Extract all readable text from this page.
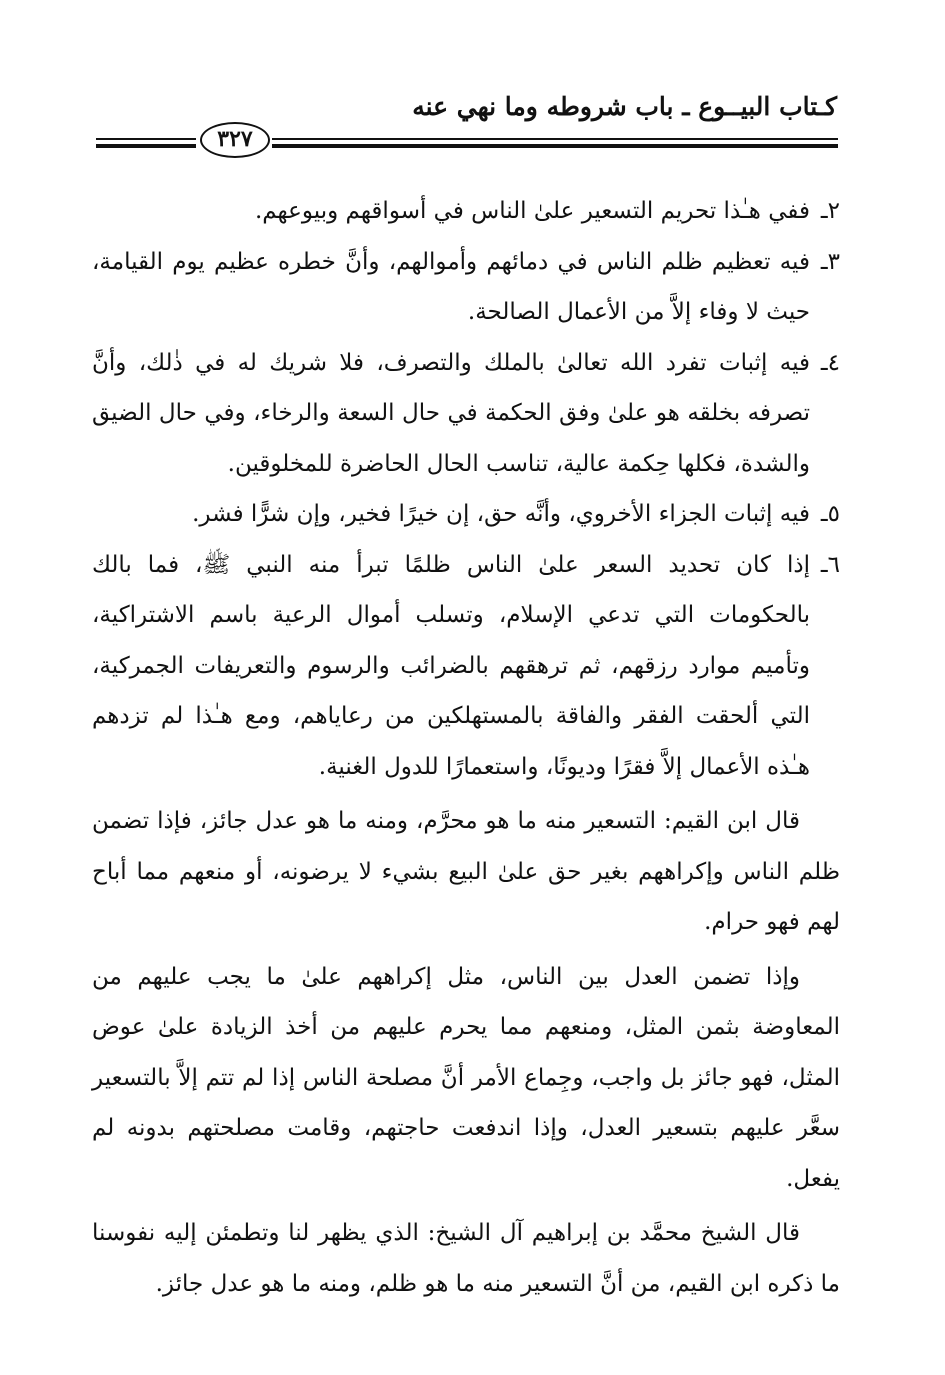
كـتاب البيــوع ـ باب شروطه وما نهي عنه
٣٢٧

٢ـ
ففي هـٰذا تحريم التسعير علىٰ الناس في أسواقهم وبيوعهم.

٣ـ
فيه تعظيم ظلم الناس في دمائهم وأموالهم، وأنَّ خطره عظيم يوم القيامة، حيث لا وفاء إلاَّ من الأعمال الصالحة.

٤ـ
فيه إثبات تفرد الله تعالىٰ بالملك والتصرف، فلا شريك له في ذٰلك، وأنَّ تصرفه بخلقه هو علىٰ وفق الحكمة في حال السعة والرخاء، وفي حال الضيق والشدة، فكلها حِكمة عالية، تناسب الحال الحاضرة للمخلوقين.

٥ـ
فيه إثبات الجزاء الأخروي، وأنَّه حق، إن خيرًا فخير، وإن شرًّا فشر.

٦ـ
إذا كان تحديد السعر علىٰ الناس ظلمًا تبرأ منه النبي ﷺ، فما بالك بالحكومات التي تدعي الإسلام، وتسلب أموال الرعية باسم الاشتراكية، وتأميم موارد رزقهم، ثم ترهقهم بالضرائب والرسوم والتعريفات الجمركية، التي ألحقت الفقر والفاقة بالمستهلكين من رعاياهم، ومع هـٰذا لم تزدهم هـٰذه الأعمال إلاَّ فقرًا وديونًا، واستعمارًا للدول الغنية.

قال ابن القيم: التسعير منه ما هو محرَّم، ومنه ما هو عدل جائز، فإذا تضمن ظلم الناس وإكراههم بغير حق علىٰ البيع بشيء لا يرضونه، أو منعهم مما أباح لهم فهو حرام.

وإذا تضمن العدل بين الناس، مثل إكراههم علىٰ ما يجب عليهم من المعاوضة بثمن المثل، ومنعهم مما يحرم عليهم من أخذ الزيادة علىٰ عوض المثل، فهو جائز بل واجب، وجِماع الأمر أنَّ مصلحة الناس إذا لم تتم إلاَّ بالتسعير سعَّر عليهم بتسعير العدل، وإذا اندفعت حاجتهم، وقامت مصلحتهم بدونه لم يفعل.

قال الشيخ محمَّد بن إبراهيم آل الشيخ: الذي يظهر لنا وتطمئن إليه نفوسنا ما ذكره ابن القيم، من أنَّ التسعير منه ما هو ظلم، ومنه ما هو عدل جائز.
